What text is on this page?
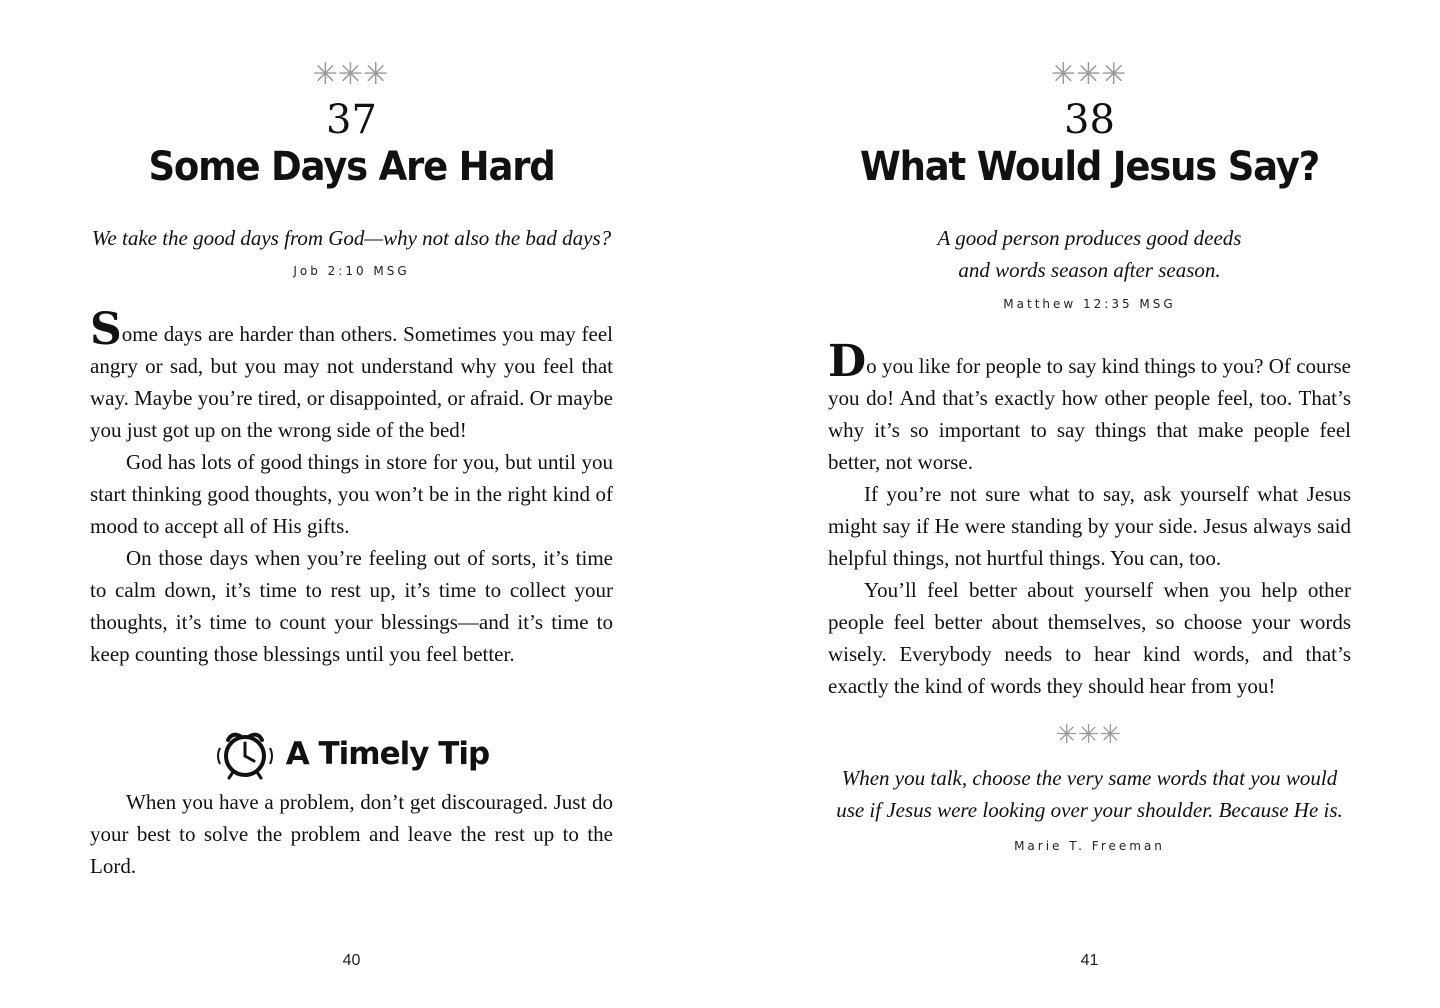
✳✳✳
37
Some Days Are Hard
We take the good days from God—why not also the bad days?
Job 2:10 MSG

Some days are harder than others. Sometimes you may feel angry or sad, but you may not understand why you feel that way. Maybe you’re tired, or disappointed, or afraid. Or maybe you just got up on the wrong side of the bed!

God has lots of good things in store for you, but until you start thinking good thoughts, you won’t be in the right kind of mood to accept all of His gifts.

On those days when you’re feeling out of sorts, it’s time to calm down, it’s time to rest up, it’s time to collect your thoughts, it’s time to count your blessings—and it’s time to keep counting those blessings until you feel better.

A Timely Tip

When you have a problem, don’t get discouraged. Just do your best to solve the problem and leave the rest up to the Lord.

40
✳✳✳
38
What Would Jesus Say?
A good person produces good deeds
and words season after season.
Matthew 12:35 MSG

Do you like for people to say kind things to you? Of course you do! And that’s exactly how other people feel, too. That’s why it’s so important to say things that make people feel better, not worse.

If you’re not sure what to say, ask yourself what Jesus might say if He were standing by your side. Jesus always said helpful things, not hurtful things. You can, too.

You’ll feel better about yourself when you help other people feel better about themselves, so choose your words wisely. Everybody needs to hear kind words, and that’s exactly the kind of words they should hear from you!

✳✳✳
When you talk, choose the very same words that you would
use if Jesus were looking over your shoulder. Because He is.
Marie T. Freeman
41
